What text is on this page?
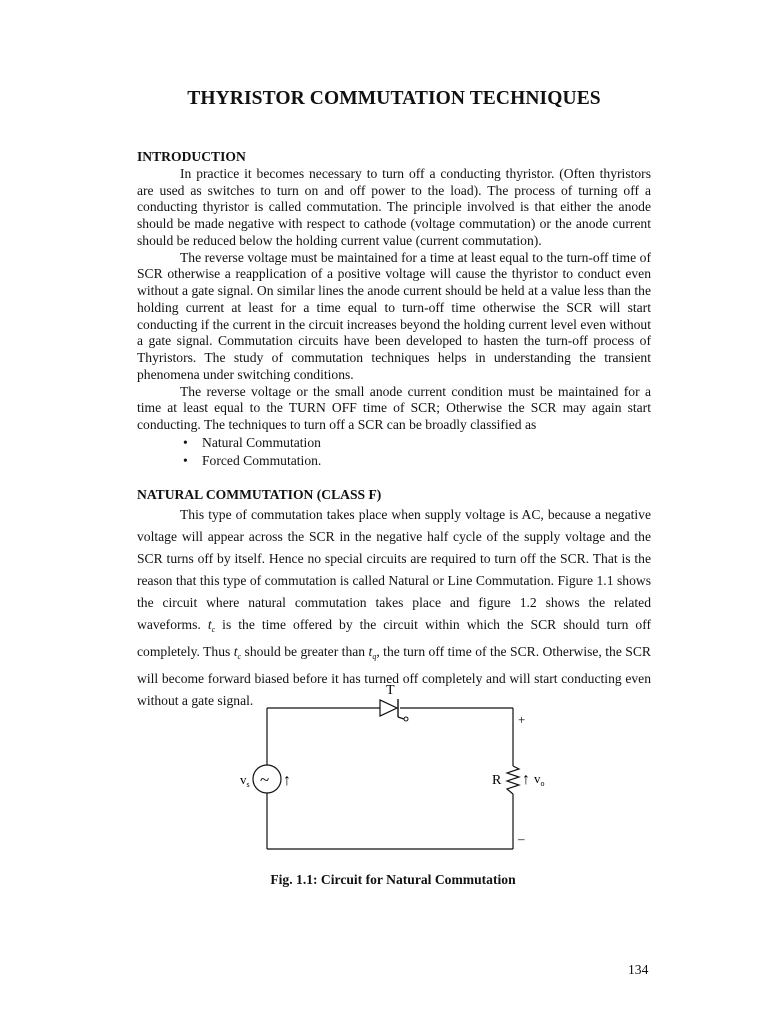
THYRISTOR COMMUTATION TECHNIQUES

INTRODUCTION

In practice it becomes necessary to turn off a conducting thyristor. (Often thyristors are used as switches to turn on and off power to the load). The process of turning off a conducting thyristor is called commutation. The principle involved is that either the anode should be made negative with respect to cathode (voltage commutation) or the anode current should be reduced below the holding current value (current commutation).

The reverse voltage must be maintained for a time at least equal to the turn-off time of SCR otherwise a reapplication of a positive voltage will cause the thyristor to conduct even without a gate signal. On similar lines the anode current should be held at a value less than the holding current at least for a time equal to turn-off time otherwise the SCR will start conducting if the current in the circuit increases beyond the holding current level even without a gate signal. Commutation circuits have been developed to hasten the turn-off process of Thyristors. The study of commutation techniques helps in understanding the transient phenomena under switching conditions.

The reverse voltage or the small anode current condition must be maintained for a time at least equal to the TURN OFF time of SCR; Otherwise the SCR may again start conducting. The techniques to turn off a SCR can be broadly classified as

• Natural Commutation
• Forced Commutation.

NATURAL COMMUTATION (CLASS F)

This type of commutation takes place when supply voltage is AC, because a negative voltage will appear across the SCR in the negative half cycle of the supply voltage and the SCR turns off by itself. Hence no special circuits are required to turn off the SCR. That is the reason that this type of commutation is called Natural or Line Commutation. Figure 1.1 shows the circuit where natural commutation takes place and figure 1.2 shows the related waveforms. $t_c$ is the time offered by the circuit within which the SCR should turn off completely. Thus $t_c$ should be greater than $t_q$, the turn off time of the SCR. Otherwise, the SCR will become forward biased before it has turned off completely and will start conducting even without a gate signal.

T
~ ↑
$v_s$	R ↑ $v_o$
+
–
Fig. 1.1: Circuit for Natural Commutation
134
